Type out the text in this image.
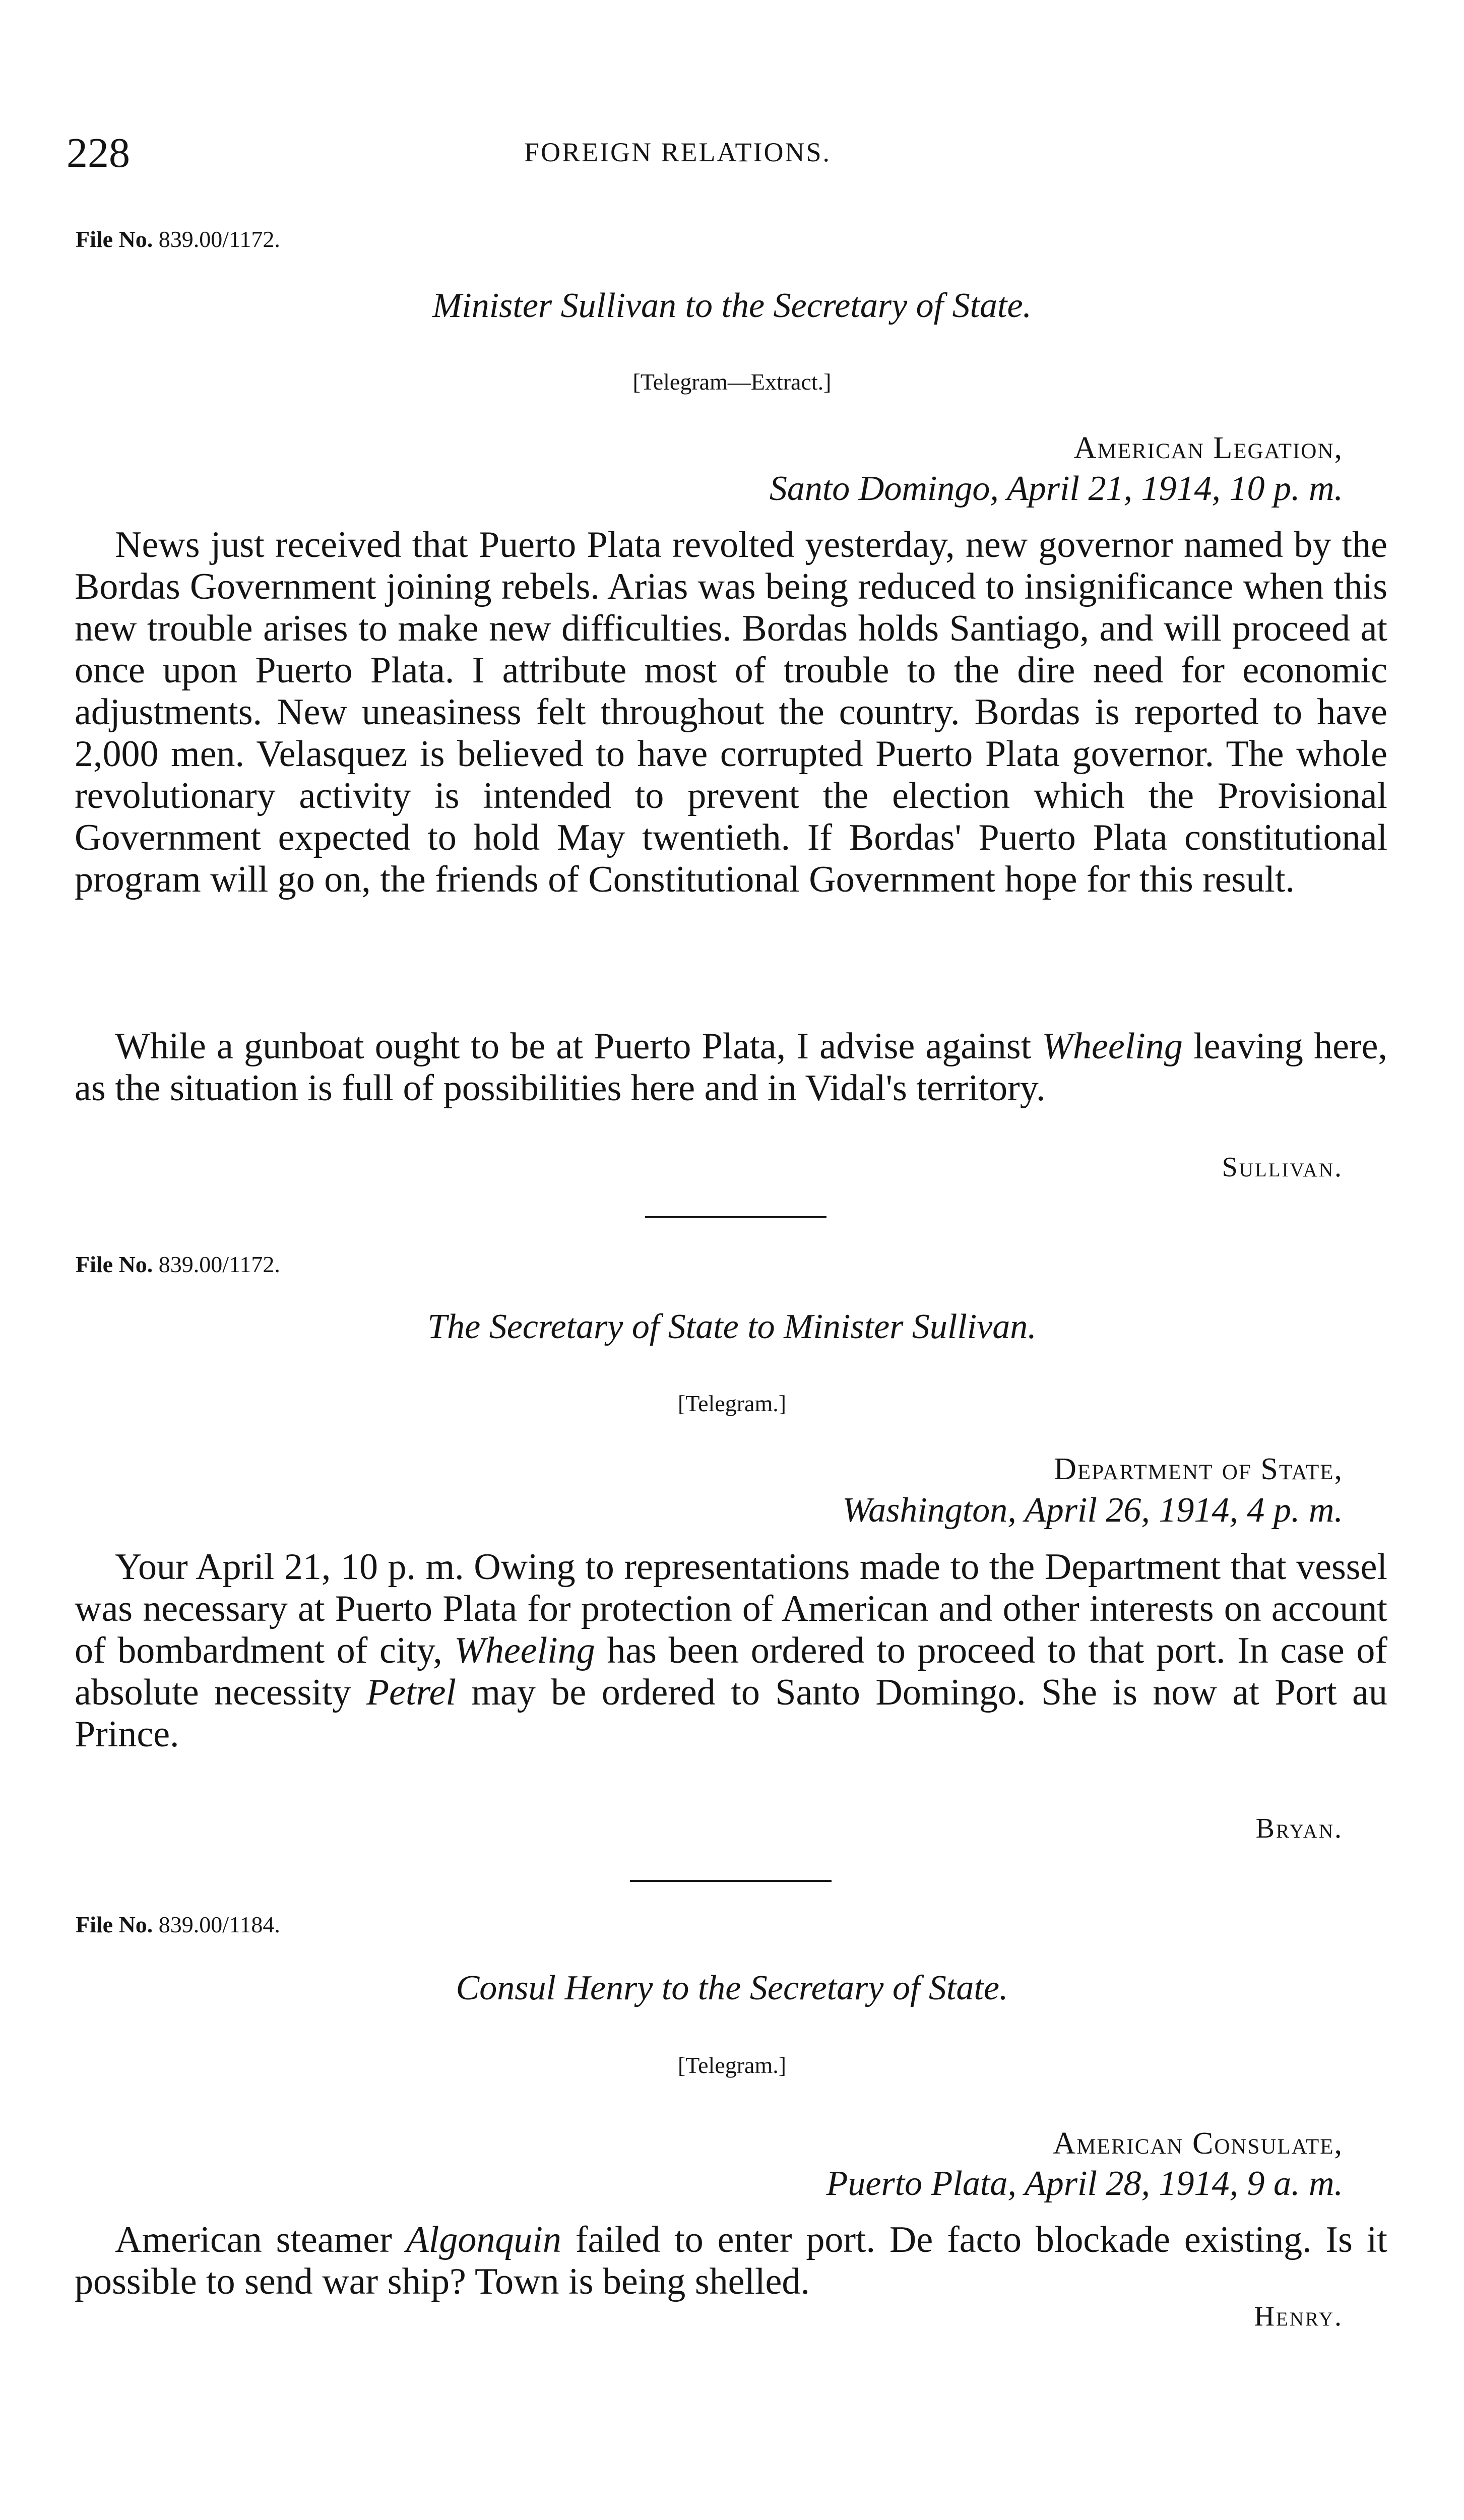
228	FOREIGN RELATIONS.
File No. 839.00/1172.
Minister Sullivan to the Secretary of State.
[Telegram—Extract.]
American Legation,
Santo Domingo, April 21, 1914, 10 p. m.

News just received that Puerto Plata revolted yesterday, new governor named by the Bordas Government joining rebels. Arias was being reduced to insignificance when this new trouble arises to make new difficulties. Bordas holds Santiago, and will proceed at once upon Puerto Plata. I attribute most of trouble to the dire need for economic adjustments. New uneasiness felt throughout the country. Bordas is reported to have 2,000 men. Velasquez is believed to have corrupted Puerto Plata governor. The whole revolutionary activity is intended to prevent the election which the Provisional Government expected to hold May twentieth. If Bordas' Puerto Plata constitutional program will go on, the friends of Constitutional Government hope for this result.

While a gunboat ought to be at Puerto Plata, I advise against Wheeling leaving here, as the situation is full of possibilities here and in Vidal's territory.

Sullivan.
File No. 839.00/1172.
The Secretary of State to Minister Sullivan.
[Telegram.]
Department of State,
Washington, April 26, 1914, 4 p. m.

Your April 21, 10 p. m. Owing to representations made to the Department that vessel was necessary at Puerto Plata for protection of American and other interests on account of bombardment of city, Wheeling has been ordered to proceed to that port. In case of absolute necessity Petrel may be ordered to Santo Domingo. She is now at Port au Prince.

Bryan.
File No. 839.00/1184.
Consul Henry to the Secretary of State.
[Telegram.]
American Consulate,
Puerto Plata, April 28, 1914, 9 a. m.

American steamer Algonquin failed to enter port. De facto blockade existing. Is it possible to send war ship? Town is being shelled.

Henry.
